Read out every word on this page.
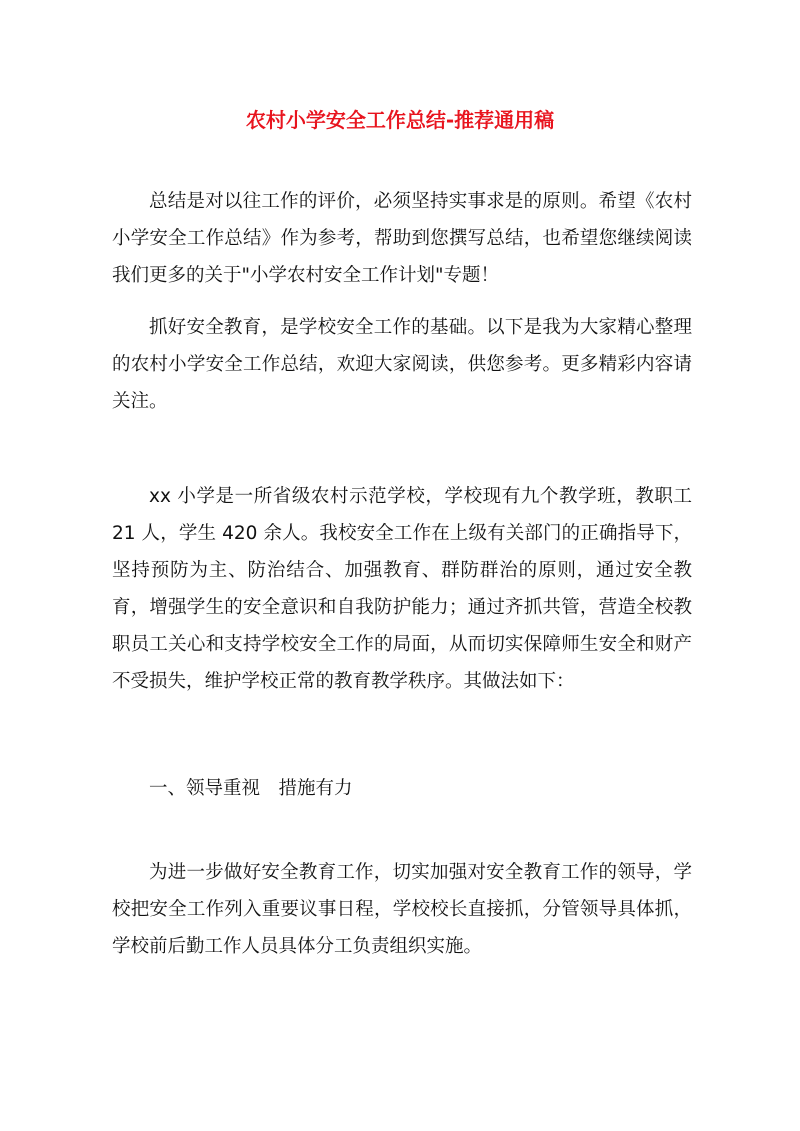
农村小学安全工作总结-推荐通用稿

总结是对以往工作的评价，必须坚持实事求是的原则。希望《农村小学安全工作总结》作为参考，帮助到您撰写总结，也希望您继续阅读我们更多的关于"小学农村安全工作计划"专题！

抓好安全教育，是学校安全工作的基础。以下是我为大家精心整理的农村小学安全工作总结，欢迎大家阅读，供您参考。更多精彩内容请关注。

xx 小学是一所省级农村示范学校，学校现有九个教学班，教职工 21 人，学生 420 余人。我校安全工作在上级有关部门的正确指导下，坚持预防为主、防治结合、加强教育、群防群治的原则，通过安全教育，增强学生的安全意识和自我防护能力；通过齐抓共管，营造全校教职员工关心和支持学校安全工作的局面，从而切实保障师生安全和财产不受损失，维护学校正常的教育教学秩序。其做法如下：

一、领导重视　措施有力

为进一步做好安全教育工作，切实加强对安全教育工作的领导，学校把安全工作列入重要议事日程，学校校长直接抓，分管领导具体抓，学校前后勤工作人员具体分工负责组织实施。
